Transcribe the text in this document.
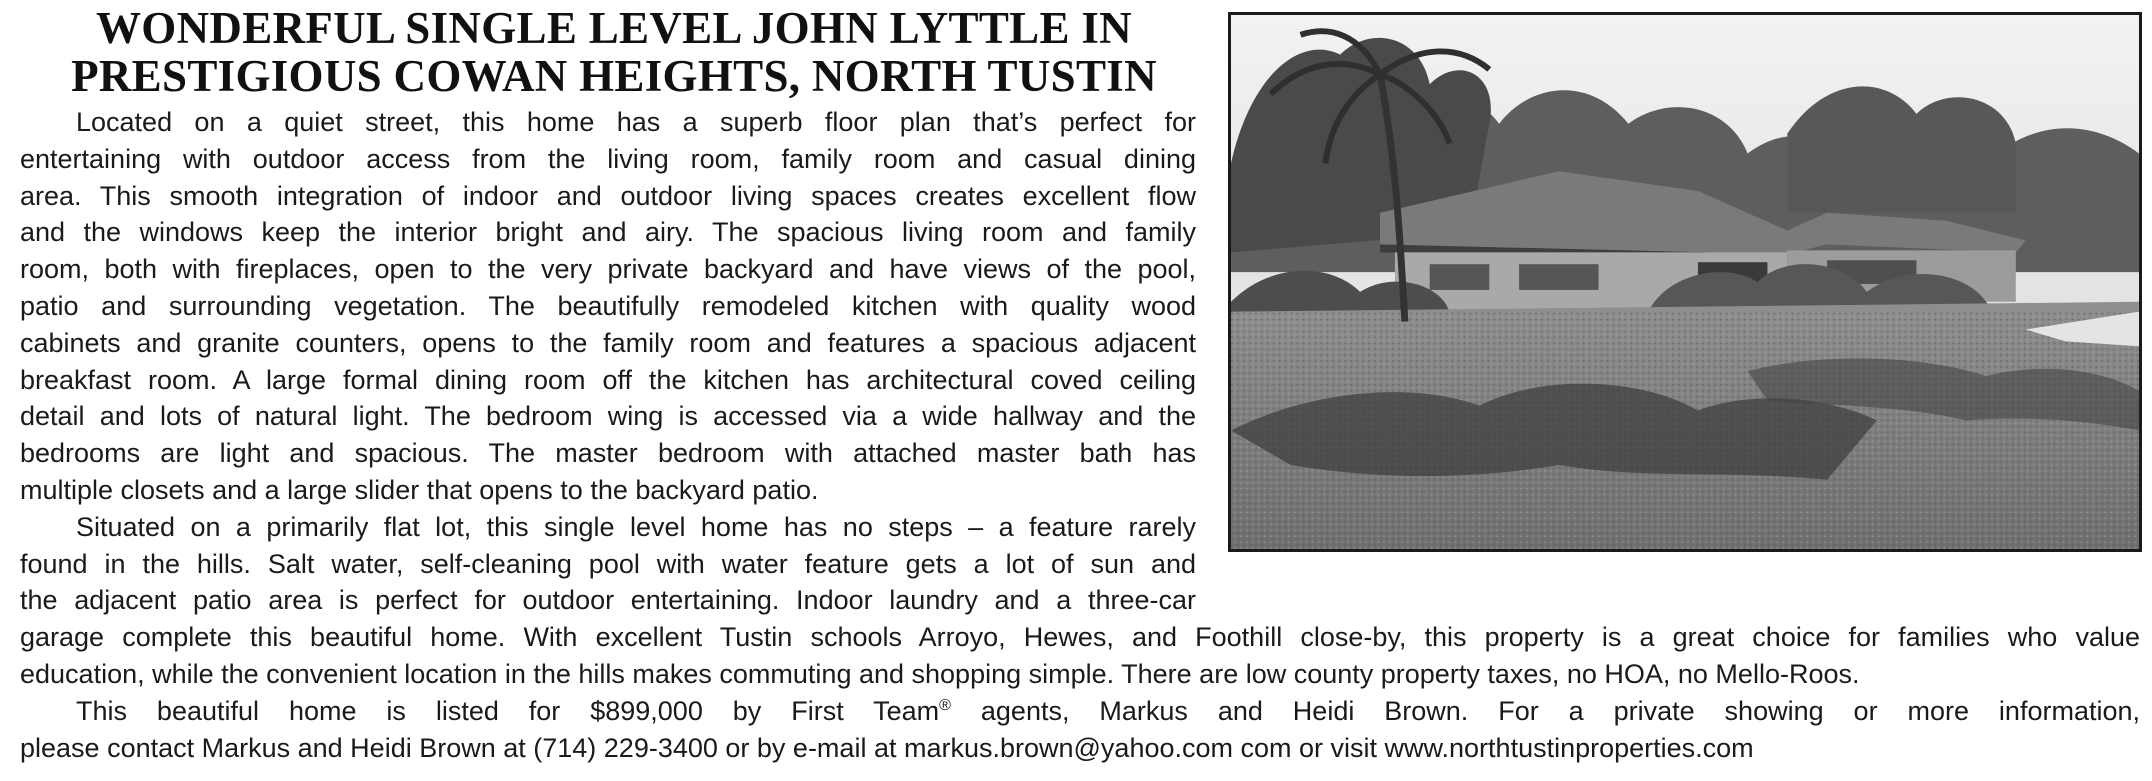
WONDERFUL SINGLE LEVEL JOHN LYTTLE IN
PRESTIGIOUS COWAN HEIGHTS, NORTH TUSTIN
Located on a quiet street, this home has a superb floor plan that’s perfect for
entertaining with outdoor access from the living room, family room and casual dining
area. This smooth integration of indoor and outdoor living spaces creates excellent flow
and the windows keep the interior bright and airy. The spacious living room and family
room, both with fireplaces, open to the very private backyard and have views of the pool,
patio and surrounding vegetation. The beautifully remodeled kitchen with quality wood
cabinets and granite counters, opens to the family room and features a spacious adjacent
breakfast room. A large formal dining room off the kitchen has architectural coved ceiling
detail and lots of natural light. The bedroom wing is accessed via a wide hallway and the
bedrooms are light and spacious. The master bedroom with attached master bath has
multiple closets and a large slider that opens to the backyard patio.
Situated on a primarily flat lot, this single level home has no steps – a feature rarely
found in the hills. Salt water, self-cleaning pool with water feature gets a lot of sun and
the adjacent patio area is perfect for outdoor entertaining. Indoor laundry and a three-car
garage complete this beautiful home. With excellent Tustin schools Arroyo, Hewes, and Foothill close-by, this property is a great choice for families who value
education, while the convenient location in the hills makes commuting and shopping simple. There are low county property taxes, no HOA, no Mello-Roos.
This beautiful home is listed for $899,000 by First Team® agents, Markus and Heidi Brown. For a private showing or more information,
please contact Markus and Heidi Brown at (714) 229-3400 or by e-mail at markus.brown@yahoo.com com or visit www.northtustinproperties.com
